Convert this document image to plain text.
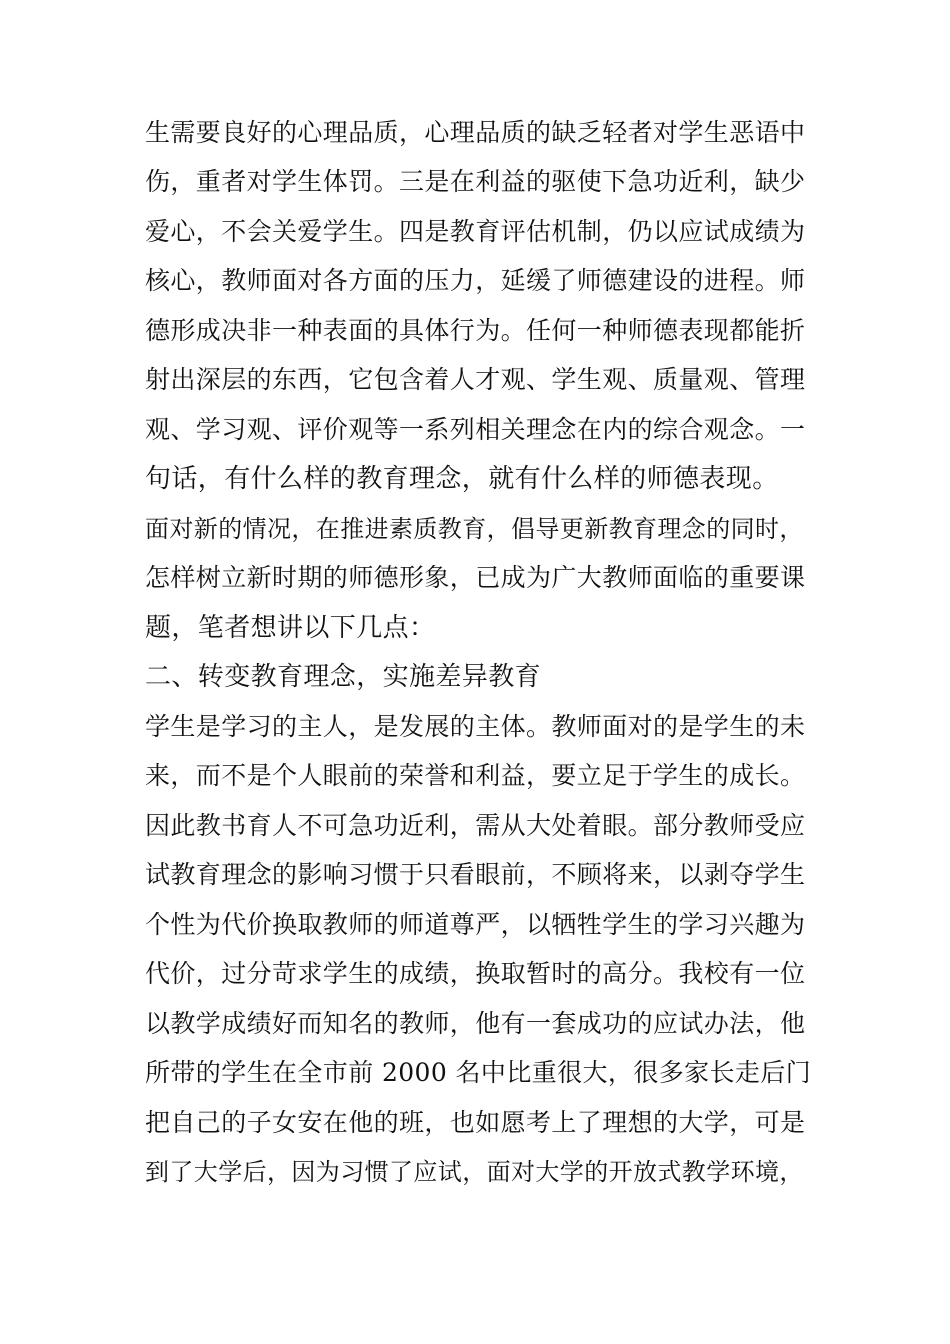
生需要良好的心理品质，心理品质的缺乏轻者对学生恶语中
伤，重者对学生体罚。三是在利益的驱使下急功近利，缺少
爱心，不会关爱学生。四是教育评估机制，仍以应试成绩为
核心，教师面对各方面的压力，延缓了师德建设的进程。师
德形成决非一种表面的具体行为。任何一种师德表现都能折
射出深层的东西，它包含着人才观、学生观、质量观、管理
观、学习观、评价观等一系列相关理念在内的综合观念。一
句话，有什么样的教育理念，就有什么样的师德表现。
面对新的情况，在推进素质教育，倡导更新教育理念的同时，
怎样树立新时期的师德形象，已成为广大教师面临的重要课
题，笔者想讲以下几点：
二、转变教育理念，实施差异教育
学生是学习的主人，是发展的主体。教师面对的是学生的未
来，而不是个人眼前的荣誉和利益，要立足于学生的成长。
因此教书育人不可急功近利，需从大处着眼。部分教师受应
试教育理念的影响习惯于只看眼前，不顾将来，以剥夺学生
个性为代价换取教师的师道尊严，以牺牲学生的学习兴趣为
代价，过分苛求学生的成绩，换取暂时的高分。我校有一位
以教学成绩好而知名的教师，他有一套成功的应试办法，他
所带的学生在全市前 2000 名中比重很大，很多家长走后门
把自己的子女安在他的班，也如愿考上了理想的大学，可是
到了大学后，因为习惯了应试，面对大学的开放式教学环境，
